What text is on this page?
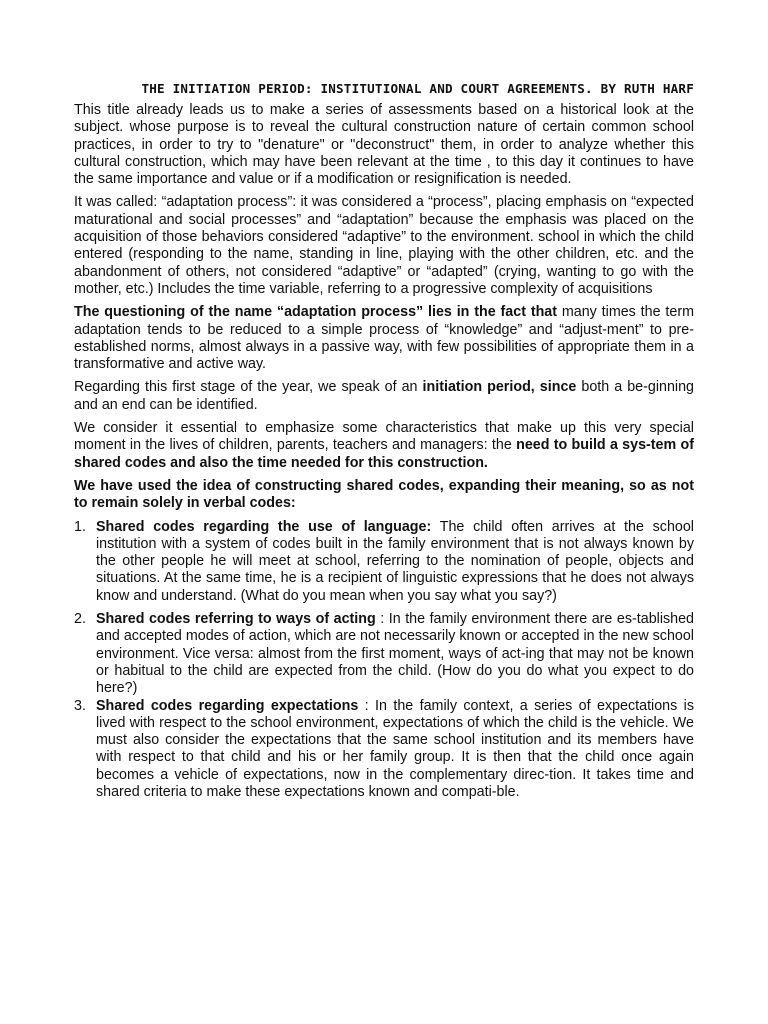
THE INITIATION PERIOD: INSTITUTIONAL AND COURT AGREEMENTS. BY RUTH HARF

This title already leads us to make a series of assessments based on a historical look at the subject. whose purpose is to reveal the cultural construction nature of certain common school practices, in order to try to "denature" or "deconstruct" them, in order to analyze whether this cultural construction, which may have been relevant at the time , to this day it continues to have the same importance and value or if a modification or resignification is needed.

It was called: “adaptation process”: it was considered a “process”, placing emphasis on “expected maturational and social processes” and “adaptation” because the emphasis was placed on the acquisition of those behaviors considered “adaptive” to the environment. school in which the child entered (responding to the name, standing in line, playing with the other children, etc. and the abandonment of others, not considered “adaptive” or “adapted” (crying, wanting to go with the mother, etc.) Includes the time variable, referring to a progressive complexity of acquisitions

The questioning of the name “adaptation process” lies in the fact that many times the term adaptation tends to be reduced to a simple process of “knowledge” and “adjust-ment” to pre-established norms, almost always in a passive way, with few possibilities of appropriate them in a transformative and active way.

Regarding this first stage of the year, we speak of an initiation period, since both a be-ginning and an end can be identified.

We consider it essential to emphasize some characteristics that make up this very special moment in the lives of children, parents, teachers and managers: the need to build a sys-tem of shared codes and also the time needed for this construction.

We have used the idea of constructing shared codes, expanding their meaning, so as not to remain solely in verbal codes:

1. Shared codes regarding the use of language: The child often arrives at the school institution with a system of codes built in the family environment that is not always known by the other people he will meet at school, referring to the nomination of people, objects and situations. At the same time, he is a recipient of linguistic expressions that he does not always know and understand. (What do you mean when you say what you say?)
2. Shared codes referring to ways of acting : In the family environment there are es-tablished and accepted modes of action, which are not necessarily known or accepted in the new school environment. Vice versa: almost from the first moment, ways of act-ing that may not be known or habitual to the child are expected from the child. (How do you do what you expect to do here?)
3. Shared codes regarding expectations : In the family context, a series of expectations is lived with respect to the school environment, expectations of which the child is the vehicle. We must also consider the expectations that the same school institution and its members have with respect to that child and his or her family group. It is then that the child once again becomes a vehicle of expectations, now in the complementary direc-tion. It takes time and shared criteria to make these expectations known and compati-ble.
